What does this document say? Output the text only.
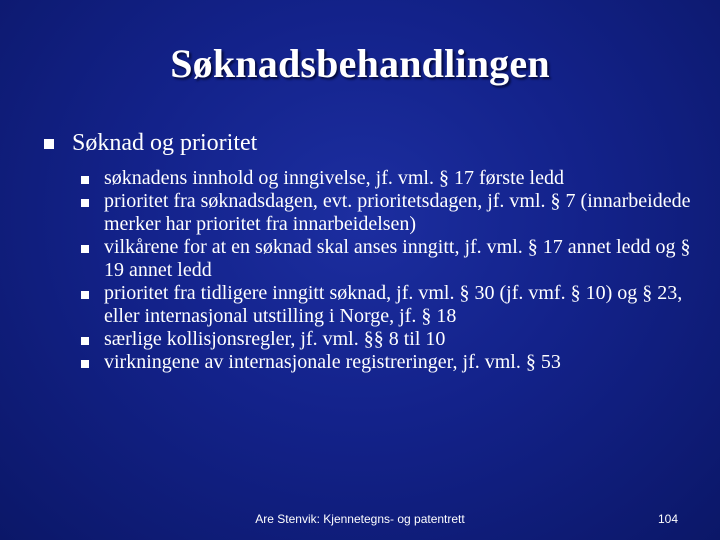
Søknadsbehandlingen
Søknad og prioritet
søknadens innhold og inngivelse, jf. vml. § 17 første ledd
prioritet fra søknadsdagen, evt. prioritetsdagen, jf. vml. § 7 (innarbeidede merker har prioritet fra innarbeidelsen)
vilkårene for at en søknad skal anses inngitt, jf. vml. § 17 annet ledd og § 19 annet ledd
prioritet fra tidligere inngitt søknad, jf. vml. § 30 (jf. vmf. § 10) og § 23, eller internasjonal utstilling i Norge, jf. § 18
særlige kollisjonsregler, jf. vml. §§ 8 til 10
virkningene av internasjonale registreringer, jf. vml. § 53
Are Stenvik: Kjennetegns- og patentrett	104
